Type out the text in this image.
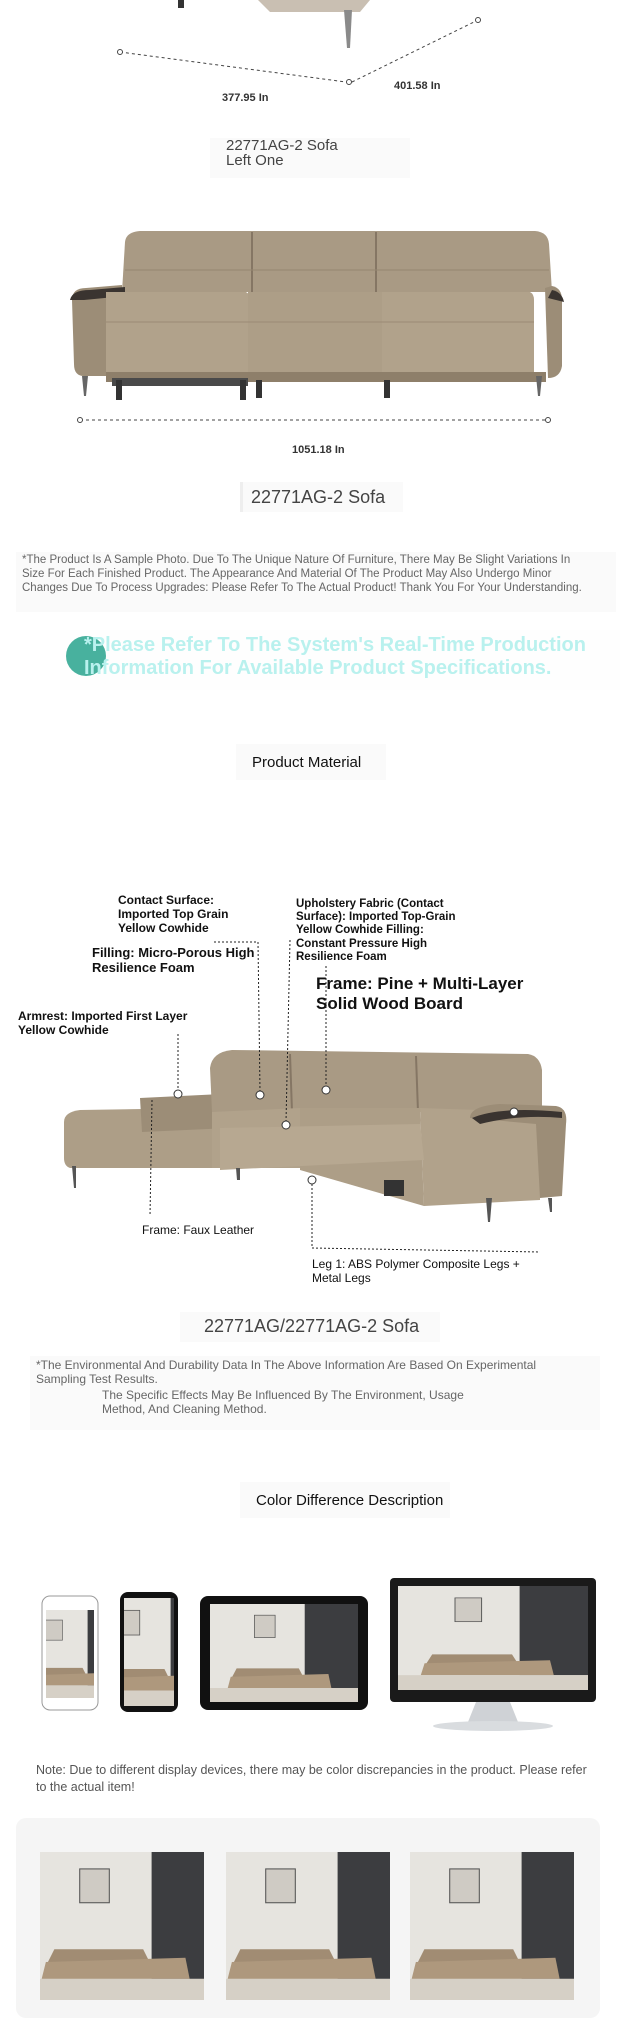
377.95 In
401.58 In
22771AG-2 Sofa
Left One
1051.18 In
22771AG-2 Sofa
*The Product Is A Sample Photo. Due To The Unique Nature Of Furniture, There May Be Slight Variations In Size For Each Finished Product. The Appearance And Material Of The Product May Also Undergo Minor Changes Due To Process Upgrades: Please Refer To The Actual Product! Thank You For Your Understanding.
*Please Refer To The System's Real-Time Production Information For Available Product Specifications.
Product Material
Contact Surface: Imported Top Grain Yellow Cowhide
Filling: Micro-Porous High Resilience Foam
Upholstery Fabric (Contact Surface): Imported Top-Grain Yellow Cowhide Filling: Constant Pressure High Resilience Foam
Frame: Pine + Multi-Layer Solid Wood Board
Armrest: Imported First Layer Yellow Cowhide
Frame: Faux Leather
Leg 1: ABS Polymer Composite Legs + Metal Legs
22771AG/22771AG-2 Sofa
*The Environmental And Durability Data In The Above Information Are Based On Experimental Sampling Test Results.
The Specific Effects May Be Influenced By The Environment, Usage Method, And Cleaning Method.
Color Difference Description
Note: Due to different display devices, there may be color discrepancies in the product. Please refer to the actual item!
